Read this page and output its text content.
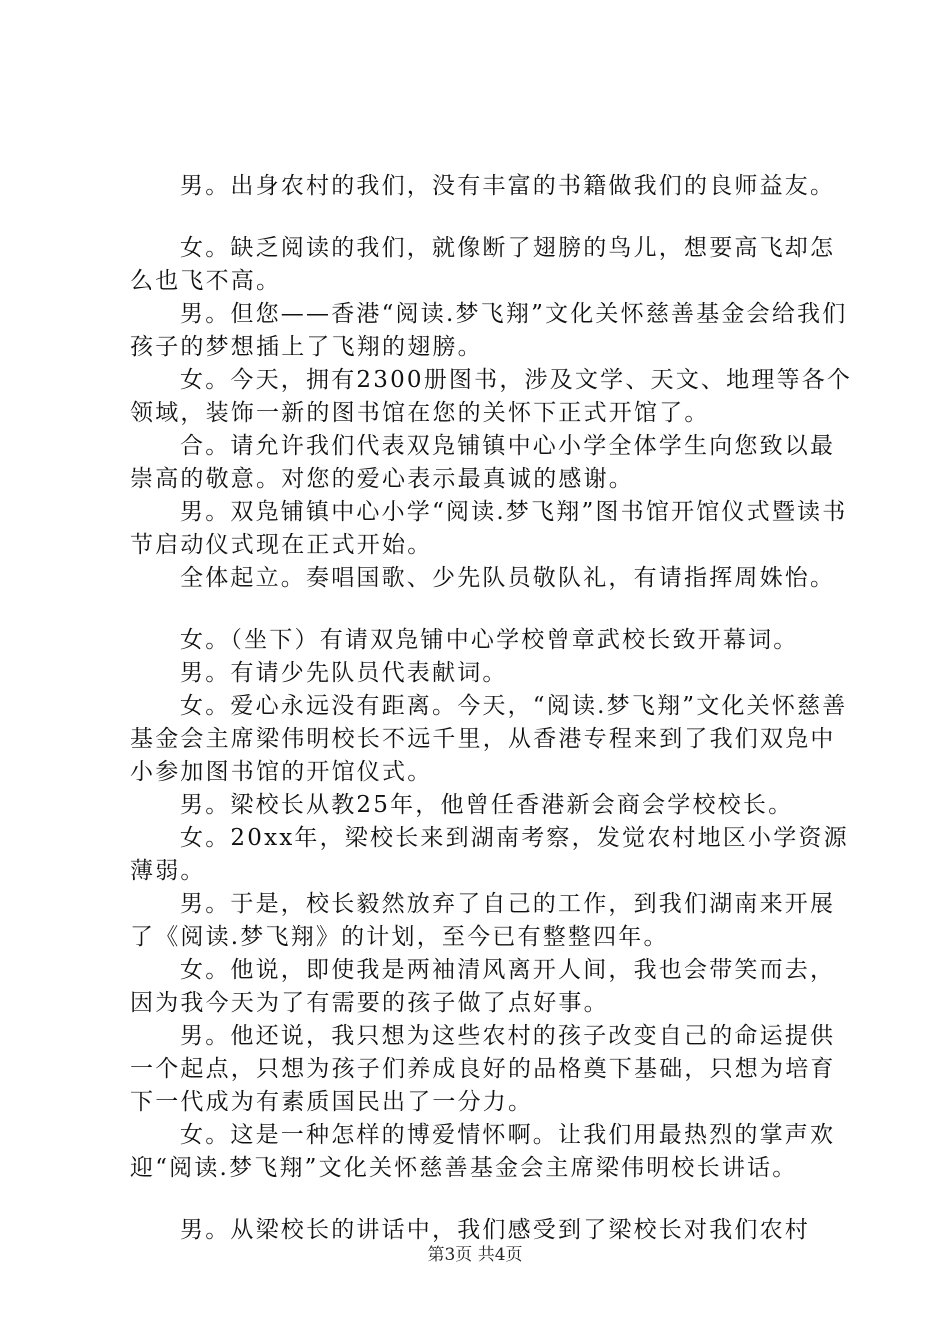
男。出身农村的我们，没有丰富的书籍做我们的良师益友。

女。缺乏阅读的我们，就像断了翅膀的鸟儿，想要高飞却怎么也飞不高。

男。但您——香港“阅读.梦飞翔”文化关怀慈善基金会给我们孩子的梦想插上了飞翔的翅膀。

女。今天，拥有2300册图书，涉及文学、天文、地理等各个领域，装饰一新的图书馆在您的关怀下正式开馆了。

合。请允许我们代表双凫铺镇中心小学全体学生向您致以最崇高的敬意。对您的爱心表示最真诚的感谢。

男。双凫铺镇中心小学“阅读.梦飞翔”图书馆开馆仪式暨读书节启动仪式现在正式开始。

全体起立。奏唱国歌、少先队员敬队礼，有请指挥周姝怡。

女。（坐下）有请双凫铺中心学校曾章武校长致开幕词。

男。有请少先队员代表献词。

女。爱心永远没有距离。今天，“阅读.梦飞翔”文化关怀慈善基金会主席梁伟明校长不远千里，从香港专程来到了我们双凫中小参加图书馆的开馆仪式。

男。梁校长从教25年，他曾任香港新会商会学校校长。

女。20xx年，梁校长来到湖南考察，发觉农村地区小学资源薄弱。

男。于是，校长毅然放弃了自己的工作，到我们湖南来开展了《阅读.梦飞翔》的计划，至今已有整整四年。

女。他说，即使我是两袖清风离开人间，我也会带笑而去，因为我今天为了有需要的孩子做了点好事。

男。他还说，我只想为这些农村的孩子改变自己的命运提供一个起点，只想为孩子们养成良好的品格奠下基础，只想为培育下一代成为有素质国民出了一分力。

女。这是一种怎样的博爱情怀啊。让我们用最热烈的掌声欢迎“阅读.梦飞翔”文化关怀慈善基金会主席梁伟明校长讲话。

男。从梁校长的讲话中，我们感受到了梁校长对我们农村

第3页 共4页
